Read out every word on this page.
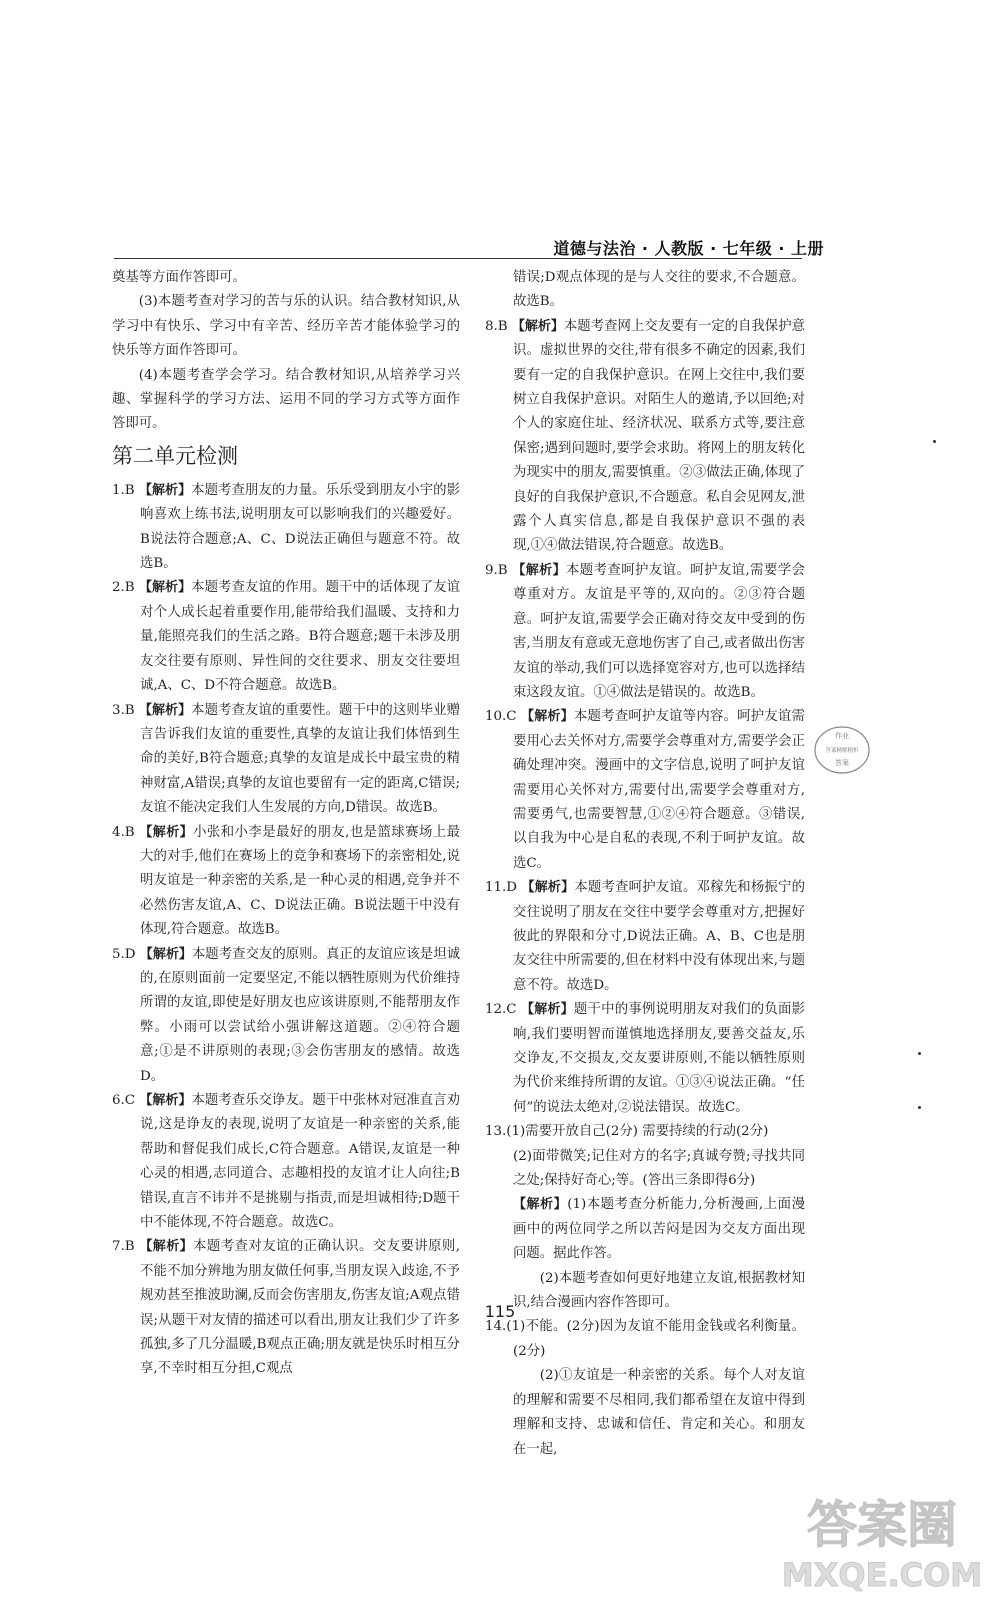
道德与法治 · 人教版 · 七年级 · 上册

奠基等方面作答即可。

(3)本题考查对学习的苦与乐的认识。结合教材知识,从学习中有快乐、学习中有辛苦、经历辛苦才能体验学习的快乐等方面作答即可。

(4)本题考查学会学习。结合教材知识,从培养学习兴趣、掌握科学的学习方法、运用不同的学习方式等方面作答即可。

第二单元检测

1.B 【解析】本题考查朋友的力量。乐乐受到朋友小宇的影响喜欢上练书法,说明朋友可以影响我们的兴趣爱好。B说法符合题意;A、C、D说法正确但与题意不符。故选B。

2.B 【解析】本题考查友谊的作用。题干中的话体现了友谊对个人成长起着重要作用,能带给我们温暖、支持和力量,能照亮我们的生活之路。B符合题意;题干未涉及朋友交往要有原则、异性间的交往要求、朋友交往要坦诚,A、C、D不符合题意。故选B。

3.B 【解析】本题考查友谊的重要性。题干中的这则毕业赠言告诉我们友谊的重要性,真挚的友谊让我们体悟到生命的美好,B符合题意;真挚的友谊是成长中最宝贵的精神财富,A错误;真挚的友谊也要留有一定的距离,C错误;友谊不能决定我们人生发展的方向,D错误。故选B。

4.B 【解析】小张和小李是最好的朋友,也是篮球赛场上最大的对手,他们在赛场上的竞争和赛场下的亲密相处,说明友谊是一种亲密的关系,是一种心灵的相遇,竞争并不必然伤害友谊,A、C、D说法正确。B说法题干中没有体现,符合题意。故选B。

5.D 【解析】本题考查交友的原则。真正的友谊应该是坦诚的,在原则面前一定要坚定,不能以牺牲原则为代价维持所谓的友谊,即使是好朋友也应该讲原则,不能帮朋友作弊。小雨可以尝试给小强讲解这道题。②④符合题意;①是不讲原则的表现;③会伤害朋友的感情。故选D。

6.C 【解析】本题考查乐交诤友。题干中张林对冠准直言劝说,这是诤友的表现,说明了友谊是一种亲密的关系,能帮助和督促我们成长,C符合题意。A错误,友谊是一种心灵的相遇,志同道合、志趣相投的友谊才让人向往;B错误,直言不讳并不是挑剔与指责,而是坦诚相待;D题干中不能体现,不符合题意。故选C。

7.B 【解析】本题考查对友谊的正确认识。交友要讲原则,不能不加分辨地为朋友做任何事,当朋友误入歧途,不予规劝甚至推波助澜,反而会伤害朋友,伤害友谊;A观点错误;从题干对友情的描述可以看出,朋友让我们少了许多孤独,多了几分温暖,B观点正确;朋友就是快乐时相互分享,不幸时相互分担,C观点

错误;D观点体现的是与人交往的要求,不合题意。故选B。

8.B 【解析】本题考查网上交友要有一定的自我保护意识。虚拟世界的交往,带有很多不确定的因素,我们要有一定的自我保护意识。在网上交往中,我们要树立自我保护意识。对陌生人的邀请,予以回绝;对个人的家庭住址、经济状况、联系方式等,要注意保密;遇到问题时,要学会求助。将网上的朋友转化为现实中的朋友,需要慎重。②③做法正确,体现了良好的自我保护意识,不合题意。私自会见网友,泄露个人真实信息,都是自我保护意识不强的表现,①④做法错误,符合题意。故选B。

9.B 【解析】本题考查呵护友谊。呵护友谊,需要学会尊重对方。友谊是平等的,双向的。②③符合题意。呵护友谊,需要学会正确对待交友中受到的伤害,当朋友有意或无意地伤害了自己,或者做出伤害友谊的举动,我们可以选择宽容对方,也可以选择结束这段友谊。①④做法是错误的。故选B。

10.C 【解析】本题考查呵护友谊等内容。呵护友谊需要用心去关怀对方,需要学会尊重对方,需要学会正确处理冲突。漫画中的文字信息,说明了呵护友谊需要用心关怀对方,需要付出,需要学会尊重对方,需要勇气,也需要智慧,①②④符合题意。③错误,以自我为中心是自私的表现,不利于呵护友谊。故选C。

11.D 【解析】本题考查呵护友谊。邓稼先和杨振宁的交往说明了朋友在交往中要学会尊重对方,把握好彼此的界限和分寸,D说法正确。A、B、C也是朋友交往中所需要的,但在材料中没有体现出来,与题意不符。故选D。

12.C 【解析】题干中的事例说明朋友对我们的负面影响,我们要明智而谨慎地选择朋友,要善交益友,乐交诤友,不交损友,交友要讲原则,不能以牺牲原则为代价来维持所谓的友谊。①③④说法正确。“任何”的说法太绝对,②说法错误。故选C。

13.(1)需要开放自己(2分) 需要持续的行动(2分)

(2)面带微笑;记住对方的名字;真诚夸赞;寻找共同之处;保持好奇心;等。(答出三条即得6分)

【解析】(1)本题考查分析能力,分析漫画,上面漫画中的两位同学之所以苦闷是因为交友方面出现问题。据此作答。

(2)本题考查如何更好地建立友谊,根据教材知识,结合漫画内容作答即可。

14.(1)不能。(2分)因为友谊不能用金钱或名利衡量。(2分)

(2)①友谊是一种亲密的关系。每个人对友谊的理解和需要不尽相同,我们都希望在友谊中得到理解和支持、忠诚和信任、肯定和关心。和朋友在一起,

115
作业
答案精解精析
答案
答案圈
MXQE.COM
